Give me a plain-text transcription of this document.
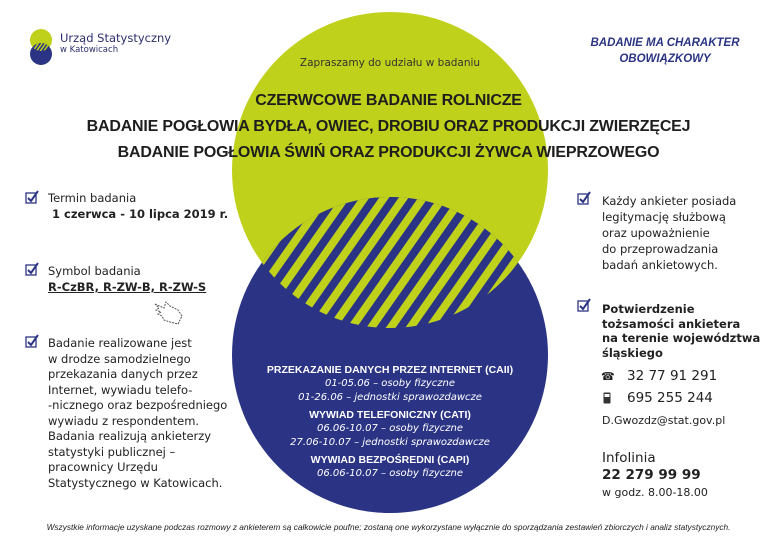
Urząd Statystyczny
w Katowicach
BADANIE MA CHARAKTER
OBOWIĄZKOWY
Zapraszamy do udziału w badaniu
CZERWCOWE BADANIE ROLNICZE
BADANIE POGŁOWIA BYDŁA, OWIEC, DROBIU ORAZ PRODUKCJI ZWIERZĘCEJ
BADANIE POGŁOWIA ŚWIŃ ORAZ PRODUKCJI ŻYWCA WIEPRZOWEGO
Termin badania
1 czerwca - 10 lipca 2019 r.
Symbol badania
R-CzBR, R-ZW-B, R-ZW-S
Badanie realizowane jest
w drodze samodzielnego
przekazania danych przez
Internet, wywiadu telefo-
-nicznego oraz bezpośredniego
wywiadu z respondentem.
Badania realizują ankieterzy
statystyki publicznej –
pracownicy Urzędu
Statystycznego w Katowicach.
PRZEKAZANIE DANYCH PRZEZ INTERNET (CAII)
01-05.06 – osoby fizyczne
01-26.06 – jednostki sprawozdawcze
WYWIAD TELEFONICZNY (CATI)
06.06-10.07 – osoby fizyczne
27.06-10.07 – jednostki sprawozdawcze
WYWIAD BEZPOŚREDNI (CAPI)
06.06-10.07 – osoby fizyczne
Każdy ankieter posiada
legitymację służbową
oraz upoważnienie
do przeprowadzania
badań ankietowych.
Potwierdzenie
tożsamości ankietera
na terenie województwa
śląskiego
☎ 32 77 91 291
695 255 244
D.Gwozdz@stat.gov.pl
Infolinia
22 279 99 99
w godz. 8.00-18.00
Wszystkie informacje uzyskane podczas rozmowy z ankieterem są całkowicie poufne; zostaną one wykorzystane wyłącznie do sporządzania zestawień zbiorczych i analiz statystycznych.
